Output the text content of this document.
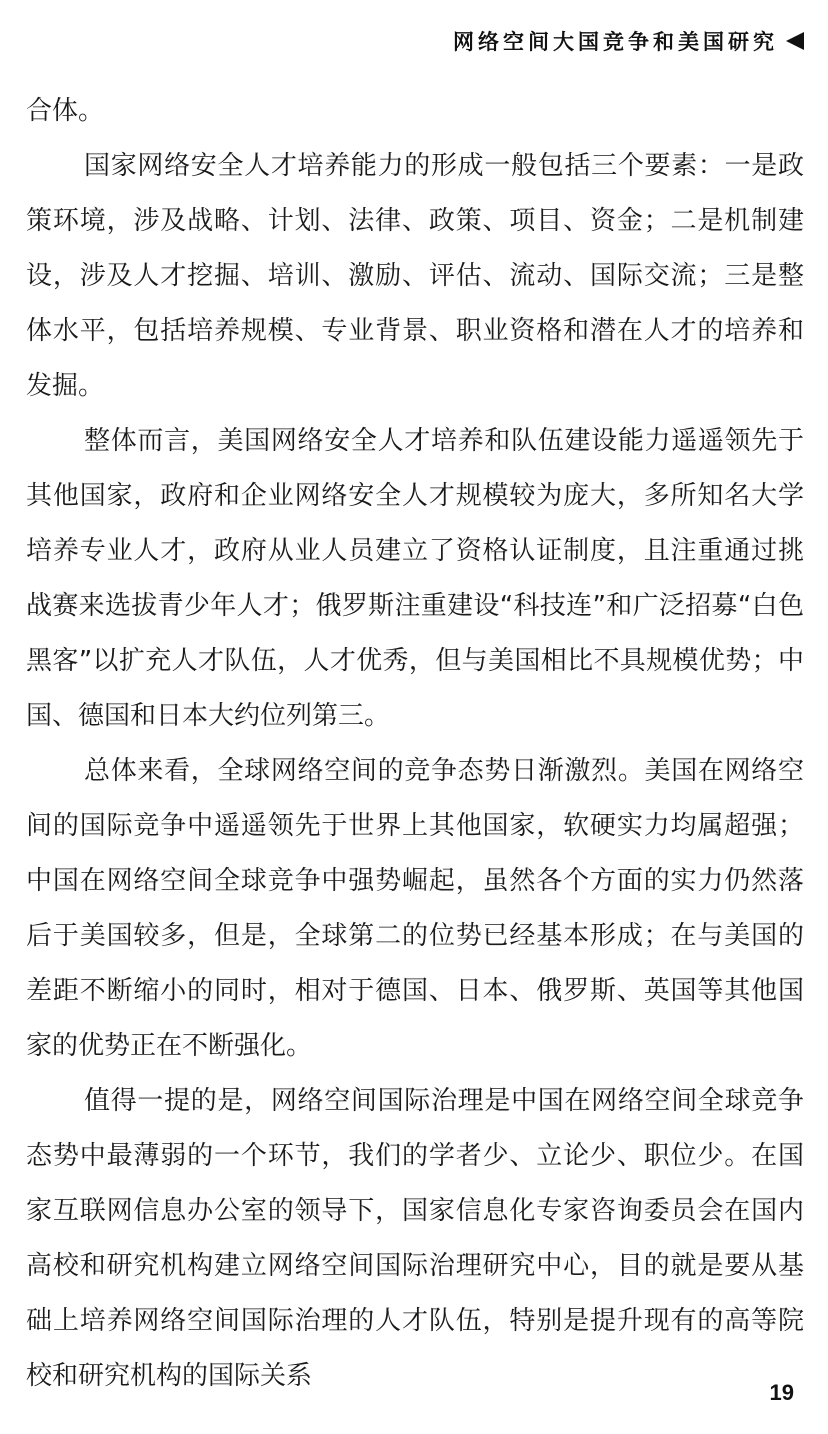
网络空间大国竞争和美国研究

合体。

国家网络安全人才培养能力的形成一般包括三个要素：一是政策环境，涉及战略、计划、法律、政策、项目、资金；二是机制建设，涉及人才挖掘、培训、激励、评估、流动、国际交流；三是整体水平，包括培养规模、专业背景、职业资格和潜在人才的培养和发掘。

整体而言，美国网络安全人才培养和队伍建设能力遥遥领先于其他国家，政府和企业网络安全人才规模较为庞大，多所知名大学培养专业人才，政府从业人员建立了资格认证制度，且注重通过挑战赛来选拔青少年人才；俄罗斯注重建设“科技连”和广泛招募“白色黑客”以扩充人才队伍，人才优秀，但与美国相比不具规模优势；中国、德国和日本大约位列第三。

总体来看，全球网络空间的竞争态势日渐激烈。美国在网络空间的国际竞争中遥遥领先于世界上其他国家，软硬实力均属超强；中国在网络空间全球竞争中强势崛起，虽然各个方面的实力仍然落后于美国较多，但是，全球第二的位势已经基本形成；在与美国的差距不断缩小的同时，相对于德国、日本、俄罗斯、英国等其他国家的优势正在不断强化。

值得一提的是，网络空间国际治理是中国在网络空间全球竞争态势中最薄弱的一个环节，我们的学者少、立论少、职位少。在国家互联网信息办公室的领导下，国家信息化专家咨询委员会在国内高校和研究机构建立网络空间国际治理研究中心，目的就是要从基础上培养网络空间国际治理的人才队伍，特别是提升现有的高等院校和研究机构的国际关系

19
